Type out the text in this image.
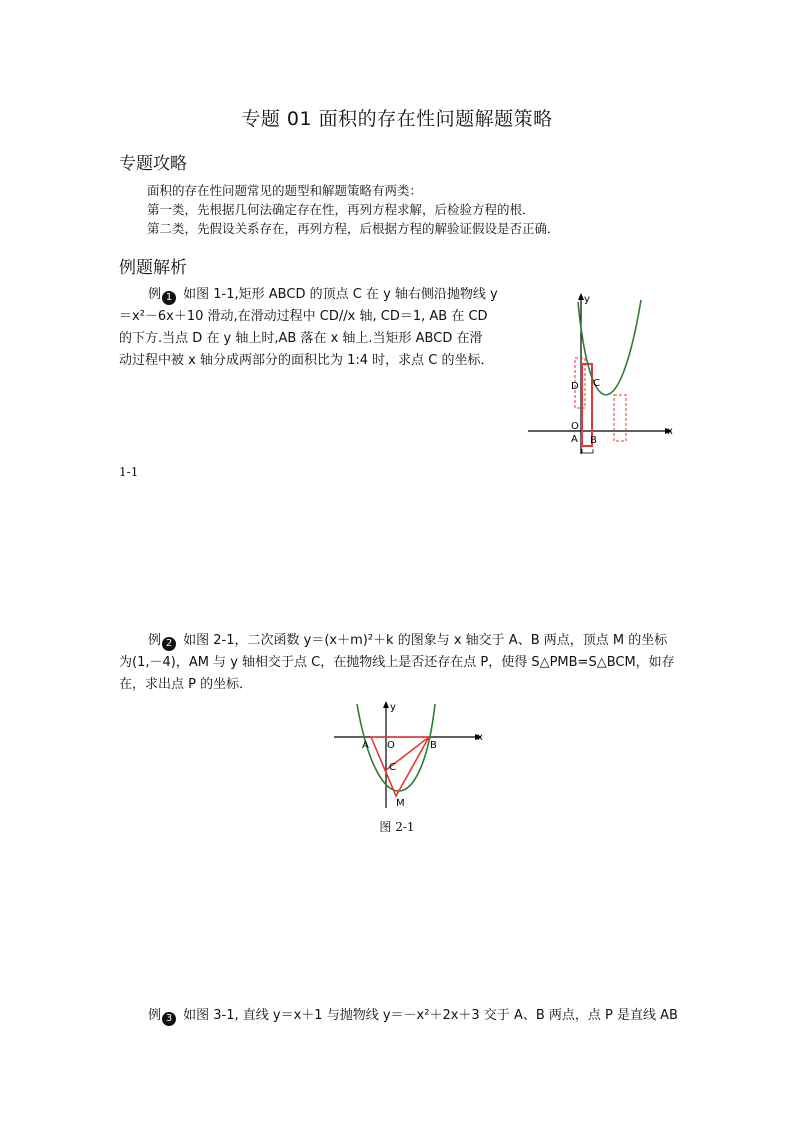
专题 01 面积的存在性问题解题策略
专题攻略
面积的存在性问题常见的题型和解题策略有两类：
第一类，先根据几何法确定存在性，再列方程求解，后检验方程的根．
第二类，先假设关系存在，再列方程，后根据方程的解验证假设是否正确．
例题解析
例 1 如图 1-1,矩形 ABCD 的顶点 C 在 y 轴右侧沿抛物线 y
＝x²－6x＋10 滑动,在滑动过程中 CD//x 轴, CD＝1, AB 在 CD
的下方.当点 D 在 y 轴上时,AB 落在 x 轴上.当矩形 ABCD 在滑
动过程中被 x 轴分成两部分的面积比为 1:4 时，求点 C 的坐标．
y
x
D C
O
A B
1-1
例 2 如图 2-1，二次函数 y＝(x＋m)²＋k 的图象与 x 轴交于 A、B 两点，顶点 M 的坐标
为(1,－4)，AM 与 y 轴相交于点 C，在抛物线上是否还存在点 P，使得 S△PMB=S△BCM，如存
在，求出点 P 的坐标．
y
x
A O	B
C
M
图 2-1
例 3 如图 3-1, 直线 y＝x＋1 与抛物线 y＝－x²＋2x＋3 交于 A、B 两点，点 P 是直线 AB
